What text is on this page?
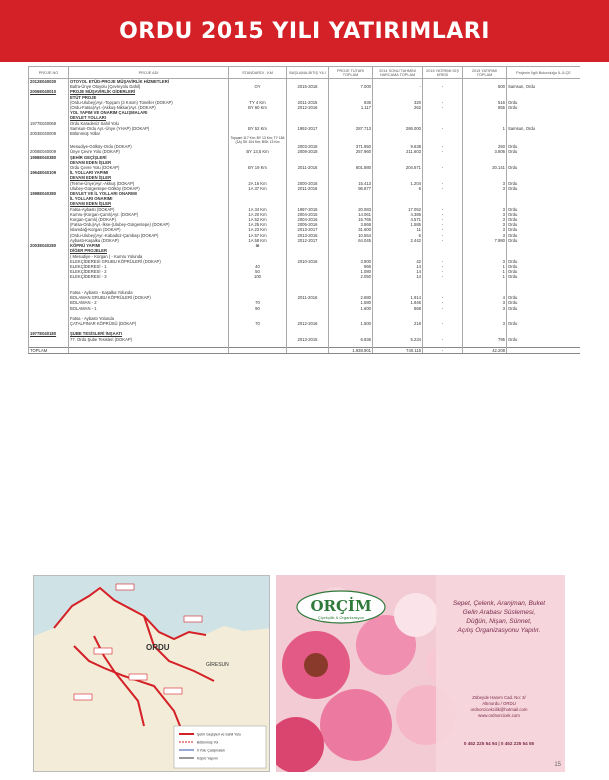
ORDU 2015 YILI YATIRIMLARI
PROJE NO	PROJE ADI	STANDARDI - KM	BAŞLAMA-BİTİŞ YILI	PROJE TUTARI TOPLAM	2014 SONU TAHMİNİ HARCAMA TOPLAM	2015 YATIRIMI DIŞ KREDİ	2015 YATIRIMI TOPLAM	Projenin İlgili Bulunduğu İL-İLÇE
2012E040030	OTOYOL ETÜD-PROJE MÜŞAVİRLİK HİZMETLERİ							
	Bafra-Ünye Otoyolu (Çevreyolu Dahil)	OY	2015-2018	7.000	-	-	500	Samsun, Ordu
2006E040010	PROJE MÜŞAVİRLİK GİDERLERİ							
	ETÜT PROJE							
	(Ordu-Ulubey)Ayr.-Topçam (3 Kısım) Tüneller (DOKAP)	TY 4 Km	2011-2015	836	320	-	516	Ordu
	(Ordu-Fatsa)Ayr.-(Akkuş-Niksar)Ayr. (DOKAP)	BY 60 Km	2012-2016	1.117	262	-	855	Ordu
	YOL YAPIM VE ONARIM ÇALIŞMALARI							
	DEVLET YOLLARI							
1977E040069	Ordu Karadeniz Sahil Yolu							
	Samsun-Ordu Ayr.-Ünye (YHAP) (DOKAP)	BY 52 Km	1992-2017	287.713	286.000	-	1	Samsun, Ordu
2003E040009	Bölünmüş Yollar							
		Topçam 117 Km; BY 13 Km; TY 184 (1A) SK 104 Km; BSK 13 Km						
	Mesudiye-Gölköy-Ordu (DOKAP)		2003-2018	371.950	9.638	-	250	Ordu
2008E040009	Ünye Çevre Yolu (DOKAP)	BY 13,5 Km	2008-2018	257.960	211.603	-	3.806	Ordu
1998E040380	ŞEHİR GEÇİŞLERİ							
	DEVAM EDEN İŞLER							
	Ordu Çevre Yolu (DOKAP)	BY 19 Km	2011-2016	601.880	204.671	-	20.141	Ordu
1964E040109	İL YOLLARI YAPIMI							
	DEVAM EDEN İŞLER							
	(Terme-Ünye)Ayr.-Akkuş (DOKAP)	2A 16 Km	2000-2016	15.413	1.204	-	3	Ordu
	Ulubey-Gürgentepe-Gölköy (DOKAP)	1A 37 Km	2011-2016	96.877	6	-	3	Ordu
1998E040380	DEVLET VE İL YOLLARI ONARIMI							
	İL YOLLARI ONARIMI							
	DEVAM EDEN İŞLER							
	Fatsa-Aybastı (DOKAP)	1A 34 Km	1997-2016	20.083	17.052	-	3	Ordu
	Kumru-(Korgan-Çamlı)Ayr. (DOKAP)	1A 20 Km	2004-2015	14.061	4.385	-	3	Ordu
	Korgan-Çamlı) (DOKAP)	1A 52 Km	2004-2016	15.765	4.571	-	3	Ordu
	(Fatsa-Ordu)Ayr.-İkse-(Ulubey-Gürgentepe) (DOKAP)	1A 25 Km	2005-2016	3.868	1.585	-	3	Ordu
	İslamdağ-Korgan (DOKAP)	1A 23 Km	2013-2017	31.600	11	-	3	Ordu
	(Ordu-Ulubey)Ayr.-Kabadüz-Çambaşı (DOKAP)	1A 57 Km	2013-2016	10.554	6	-	3	Ordu
	Aybastı-Kaşalka (DOKAP)	1A 58 Km	2012-2017	64.045	2.442	-	7.980	Ordu
2003E040280	KÖPRÜ YAPIMI	m						
	DİĞER PROJELER							
	( Mesudiye - Korgan ) - Kumru Yolunda							
	ELEKÇİDERESİ GRUBU KÖPRÜLERİ (DOKAP)		2010-2016	3.900	42	-	3	Ordu
	ELEKÇİDERESİ - 1	40		966	14	-	1	Ordu
	ELEKÇİDERESİ - 2	50		1.080	14	-	1	Ordu
	ELEKÇİDERESİ - 3	100		2.050	14	-	1	Ordu

	Fatsa - Aybastı - Kaşalka Yolunda							
	BOLAMAN GRUBU KÖPRÜLERİ (DOKAP)		2011-2016	2.680	1.914	-	4	Ordu
	BOLAMAN - 2	70		1.580	1.846	-	3	Ordu
	BOLAMAN - 1	90		1.600	868	-	3	Ordu

	Fatsa - Aybastı Yolunda							
	ÇATALPINAR KÖPRÜSÜ (DOKAP)	70	2012-2016	1.500	218	-	3	Ordu

1977E040180	ŞUBE TESİSLERİ İNŞAATI							
	77. Ordu Şube Tesisleri (DOKAP)		2013-2015	6.836	5.234	-	795	Ordu

TOPLAM				1.938.901	740.115	-	42.208	
ORDU
GİRESUN
Şehir Geçişleri ve Sahil Yolu
Bölünmüş Yol
İl Yolu Çalışmaları
Köprü Yapımı
ORÇİM
Çiçekçilik & Organizasyon
Sepet, Çelenk, Aranjman, Buket
Gelin Arabası Süslemesi,
Düğün, Nişan, Sünnet,
Açılış Organizasyonu Yapılır.
Zübeyde Hanım Cad. No: 3/
Altınordu / ORDU
ordnorcicekcilik@hotmail.com
www.ordnorcicek.com
0 452 225 54 94 | 0 452 225 54 55
15
